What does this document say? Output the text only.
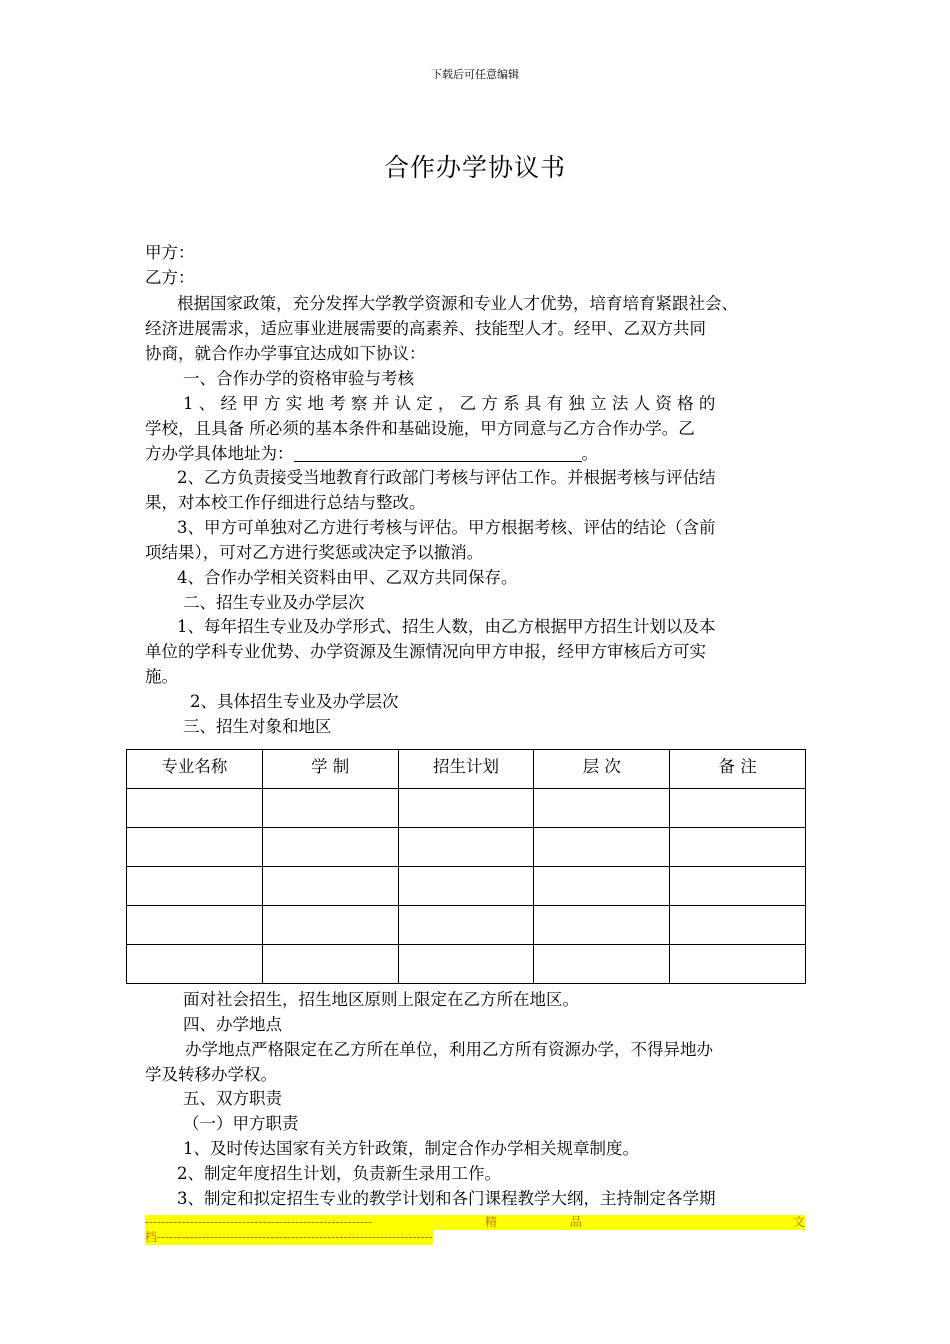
下载后可任意编辑
合作办学协议书
甲方：
乙方：
根据国家政策，充分发挥大学教学资源和专业人才优势，培育培育紧跟社会、
经济进展需求，适应事业进展需要的高素养、技能型人才。经甲、乙双方共同
协商，就合作办学事宜达成如下协议：
一、合作办学的资格审验与考核
1 、 经 甲 方 实 地 考 察 并 认 定 ， 乙 方 系 具 有 独 立 法 人 资 格 的
学校，且具备 所必须的基本条件和基础设施，甲方同意与乙方合作办学。乙
方办学具体地址为：	。
2、乙方负责接受当地教育行政部门考核与评估工作。并根据考核与评估结
果，对本校工作仔细进行总结与整改。
3、甲方可单独对乙方进行考核与评估。甲方根据考核、评估的结论（含前
项结果），可对乙方进行奖惩或决定予以撤消。
4、合作办学相关资料由甲、乙双方共同保存。
二、招生专业及办学层次
1、每年招生专业及办学形式、招生人数，由乙方根据甲方招生计划以及本
单位的学科专业优势、办学资源及生源情况向甲方申报，经甲方审核后方可实
施。
2、具体招生专业及办学层次
三、招生对象和地区
专业名称	学 制	招生计划	层 次	备 注

面对社会招生，招生地区原则上限定在乙方所在地区。
四、办学地点
办学地点严格限定在乙方所在单位，利用乙方所有资源办学，不得异地办
学及转移办学权。
五、双方职责
（一）甲方职责
1、及时传达国家有关方针政策，制定合作办学相关规章制度。
2、制定年度招生计划，负责新生录用工作。
3、制定和拟定招生专业的教学计划和各门课程教学大纲，主持制定各学期
--------------------------------------------------------	精	品	文
档--------------------------------------------------------------------
